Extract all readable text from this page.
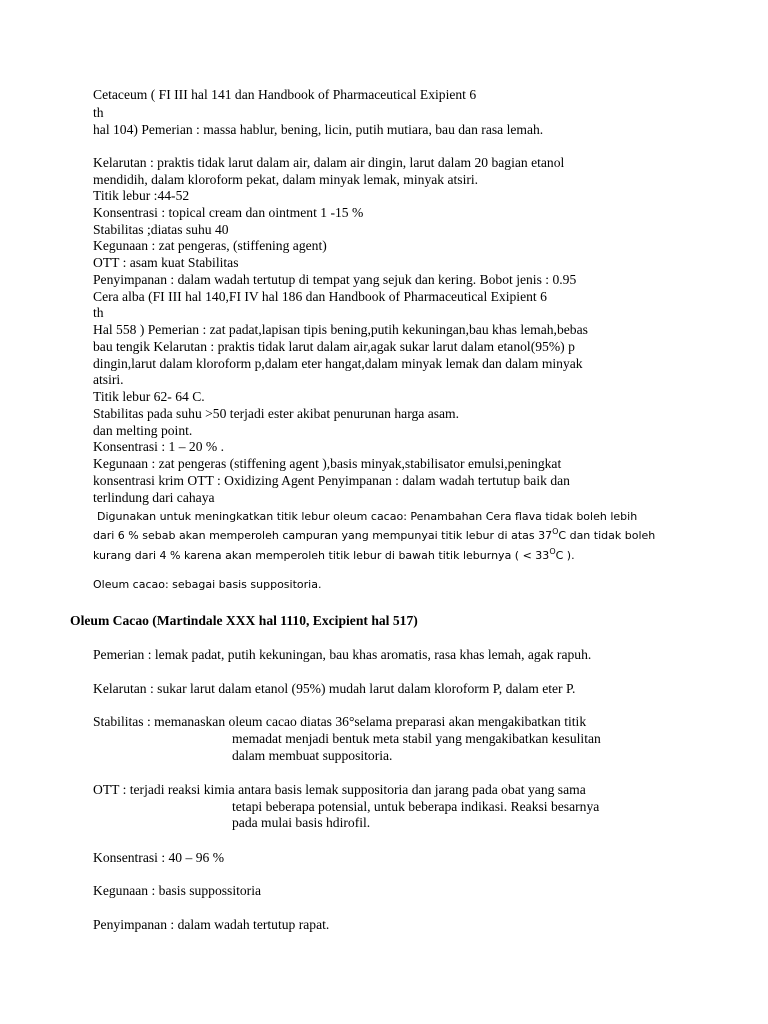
Cetaceum ( FI III hal 141 dan Handbook of Pharmaceutical Exipient 6
th
hal 104) Pemerian : massa hablur, bening, licin, putih mutiara, bau dan rasa lemah.
Kelarutan : praktis tidak larut dalam air, dalam air dingin, larut dalam 20 bagian etanol
mendidih, dalam kloroform pekat, dalam minyak lemak, minyak atsiri.
Titik lebur :44-52
Konsentrasi : topical cream dan ointment 1 -15 %
Stabilitas ;diatas suhu 40
Kegunaan : zat pengeras, (stiffening agent)
OTT : asam kuat Stabilitas
Penyimpanan : dalam wadah tertutup di tempat yang sejuk dan kering. Bobot jenis : 0.95
Cera alba (FI III hal 140,FI IV hal 186 dan Handbook of Pharmaceutical Exipient 6
th
Hal 558 ) Pemerian : zat padat,lapisan tipis bening,putih kekuningan,bau khas lemah,bebas
bau tengik Kelarutan : praktis tidak larut dalam air,agak sukar larut dalam etanol(95%) p
dingin,larut dalam kloroform p,dalam eter hangat,dalam minyak lemak dan dalam minyak
atsiri.
Titik lebur 62- 64 C.
Stabilitas pada suhu >50 terjadi ester akibat penurunan harga asam.
dan melting point.
Konsentrasi : 1 – 20 % .
Kegunaan : zat pengeras (stiffening agent ),basis minyak,stabilisator emulsi,peningkat
konsentrasi krim OTT : Oxidizing Agent Penyimpanan : dalam wadah tertutup baik dan
terlindung dari cahaya
Digunakan untuk meningkatkan titik lebur oleum cacao: Penambahan Cera flava tidak boleh lebih
dari 6 % sebab akan memperoleh campuran yang mempunyai titik lebur di atas $37^OC$ dan tidak boleh
kurang dari 4 % karena akan memperoleh titik lebur di bawah titik leburnya ( < $33^OC$ ).
Oleum cacao: sebagai basis suppositoria.
Oleum Cacao (Martindale XXX hal 1110, Excipient hal 517)
Pemerian : lemak padat, putih kekuningan, bau khas aromatis, rasa khas lemah, agak rapuh.
Kelarutan : sukar larut dalam etanol (95%) mudah larut dalam kloroform P, dalam eter P.
Stabilitas : memanaskan oleum cacao diatas 36°selama preparasi akan mengakibatkan titik
memadat menjadi bentuk meta stabil yang mengakibatkan kesulitan
dalam membuat suppositoria.
OTT : terjadi reaksi kimia antara basis lemak suppositoria dan jarang pada obat yang sama
tetapi beberapa potensial, untuk beberapa indikasi. Reaksi besarnya
pada mulai basis hdirofil.
Konsentrasi : 40 – 96 %
Kegunaan : basis suppossitoria
Penyimpanan : dalam wadah tertutup rapat.
